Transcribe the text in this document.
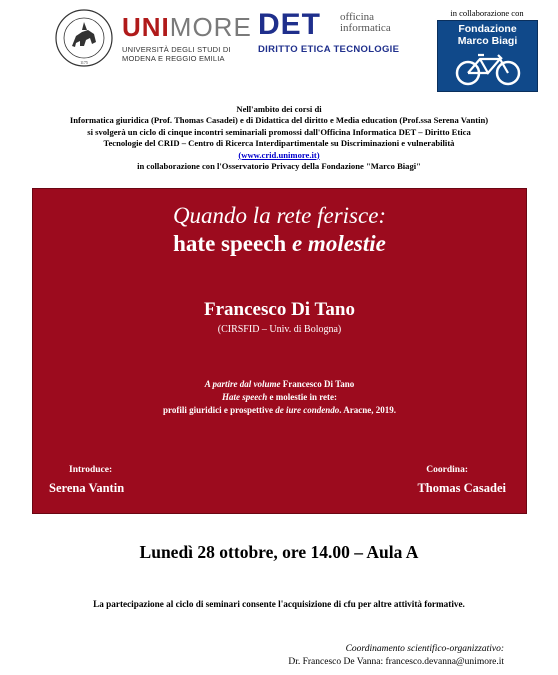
1175
UNIMORE
UNIVERSITÀ DEGLI STUDI DI
MODENA E REGGIO EMILIA
DET officina
informatica
DIRITTO ETICA TECNOLOGIE
in collaborazione con
Fondazione
Marco Biagi
Nell'ambito dei corsi di
Informatica giuridica (Prof. Thomas Casadei) e di Didattica del diritto e Media education (Prof.ssa Serena Vantin)
si svolgerà un ciclo di cinque incontri seminariali promossi dall'Officina Informatica DET – Diritto Etica
Tecnologie del CRID – Centro di Ricerca Interdipartimentale su Discriminazioni e vulnerabilità
(www.crid.unimore.it)
in collaborazione con l'Osservatorio Privacy della Fondazione "Marco Biagi"
Quando la rete ferisce:
hate speech e molestie
Francesco Di Tano
(CIRSFID – Univ. di Bologna)
A partire dal volume Francesco Di Tano
Hate speech e molestie in rete:
profili giuridici e prospettive de iure condendo. Aracne, 2019.
Introduce:
Serena Vantin
Coordina:
Thomas Casadei
Lunedì 28 ottobre, ore 14.00 – Aula A
La partecipazione al ciclo di seminari consente l'acquisizione di cfu per altre attività formative.
Coordinamento scientifico-organizzativo:
Dr. Francesco De Vanna: francesco.devanna@unimore.it
